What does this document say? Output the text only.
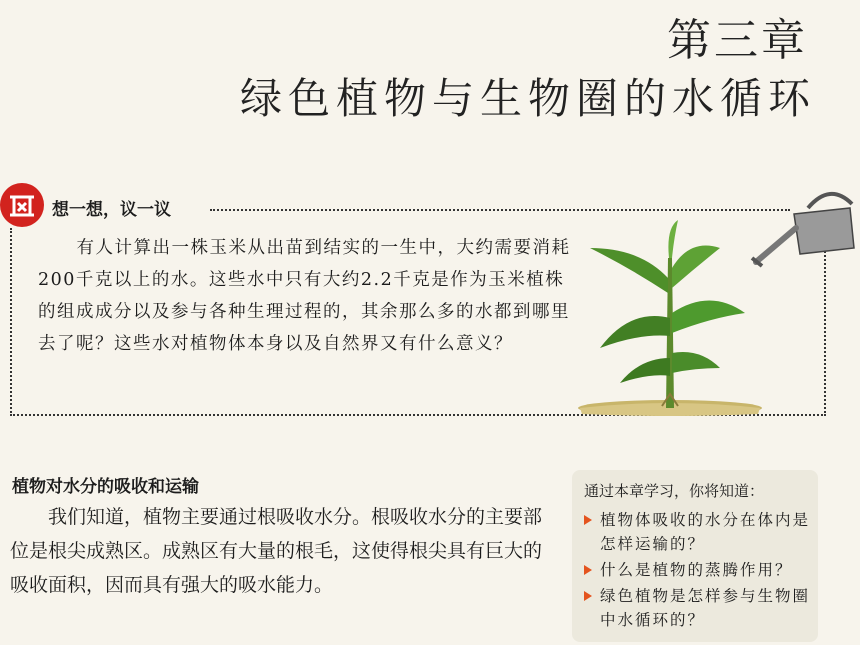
第三章
绿色植物与生物圈的水循环
想一想，议一议

有人计算出一株玉米从出苗到结实的一生中，大约需要消耗200千克以上的水。这些水中只有大约2.2千克是作为玉米植株的组成成分以及参与各种生理过程的，其余那么多的水都到哪里去了呢？这些水对植物体本身以及自然界又有什么意义？

植物对水分的吸收和运输

我们知道，植物主要通过根吸收水分。根吸收水分的主要部位是根尖成熟区。成熟区有大量的根毛，这使得根尖具有巨大的吸收面积，因而具有强大的吸水能力。

通过本章学习，你将知道：
植物体吸收的水分在体内是怎样运输的？
什么是植物的蒸腾作用？
绿色植物是怎样参与生物圈中水循环的？
